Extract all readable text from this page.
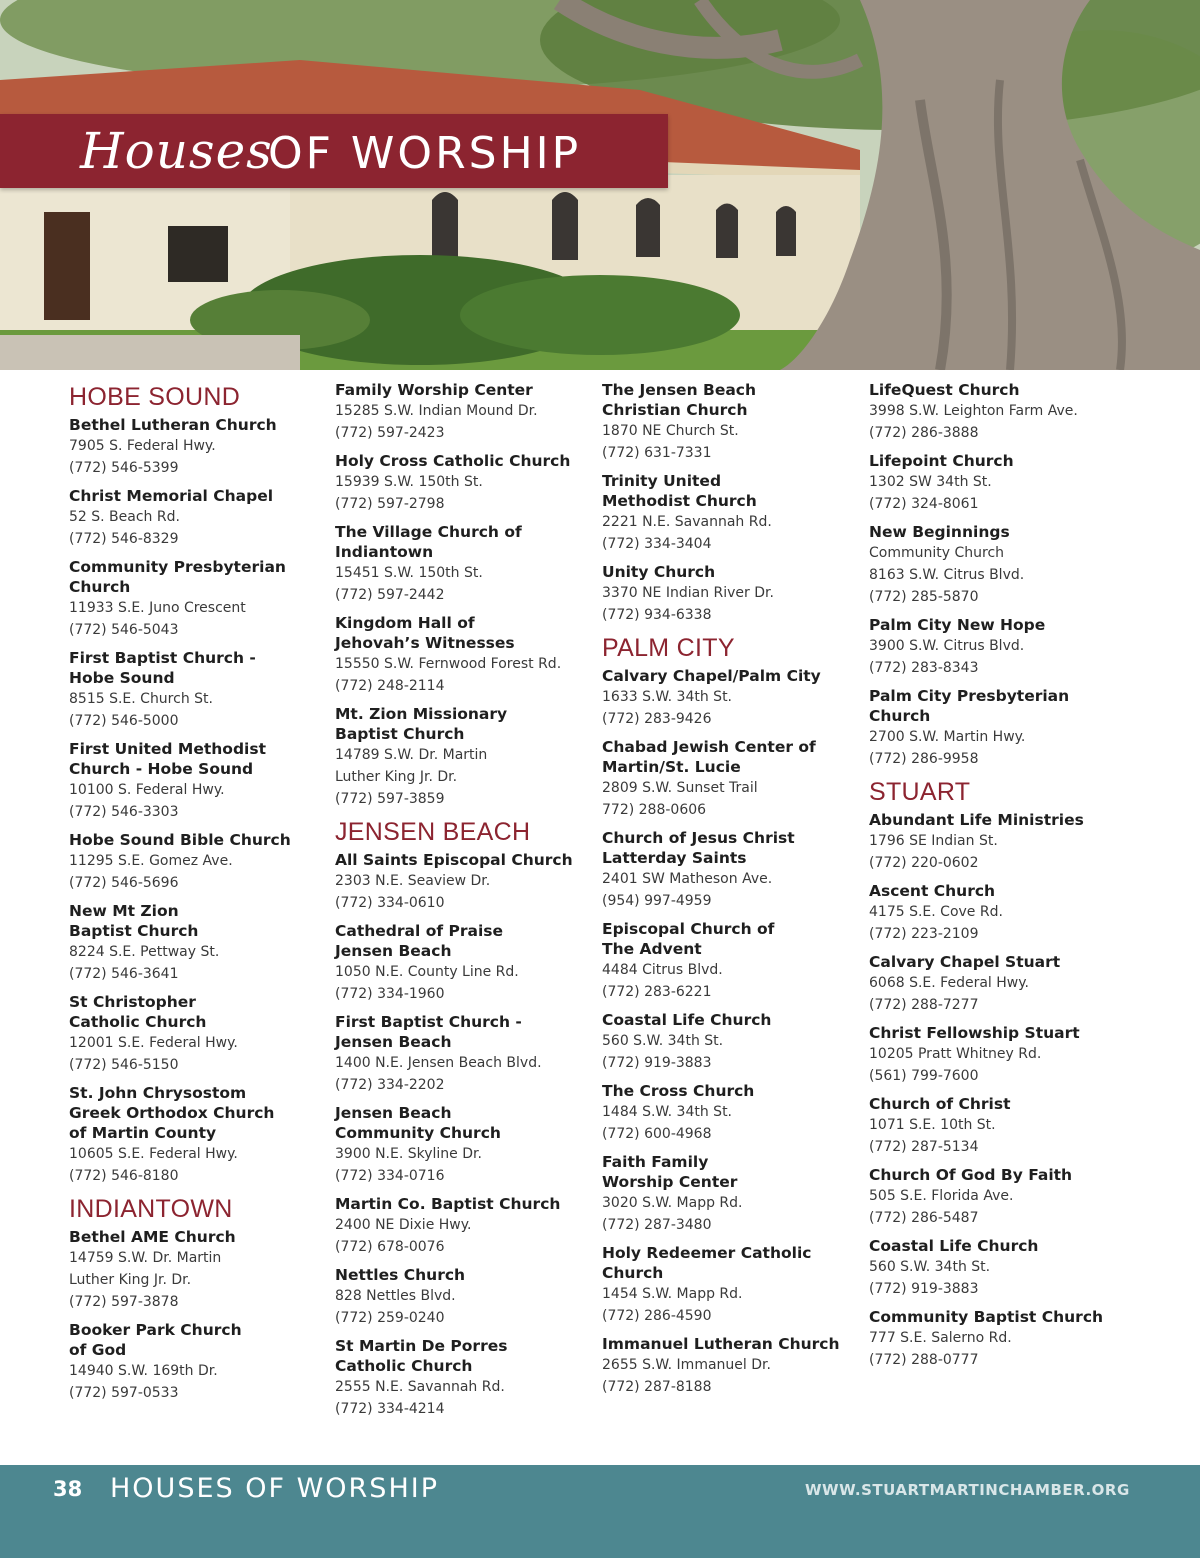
Houses
OF WORSHIP
HOBE SOUND
Bethel Lutheran Church
7905 S. Federal Hwy.
(772) 546-5399
Christ Memorial Chapel
52 S. Beach Rd.
(772) 546-8329
Community Presbyterian
Church
11933 S.E. Juno Crescent
(772) 546-5043
First Baptist Church -
Hobe Sound
8515 S.E. Church St.
(772) 546-5000
First United Methodist
Church - Hobe Sound
10100 S. Federal Hwy.
(772) 546-3303
Hobe Sound Bible Church
11295 S.E. Gomez Ave.
(772) 546-5696
New Mt Zion
Baptist Church
8224 S.E. Pettway St.
(772) 546-3641
St Christopher
Catholic Church
12001 S.E. Federal Hwy.
(772) 546-5150
St. John Chrysostom
Greek Orthodox Church
of Martin County
10605 S.E. Federal Hwy.
(772) 546-8180
INDIANTOWN
Bethel AME Church
14759 S.W. Dr. Martin
Luther King Jr. Dr.
(772) 597-3878
Booker Park Church
of God
14940 S.W. 169th Dr.
(772) 597-0533
Family Worship Center
15285 S.W. Indian Mound Dr.
(772) 597-2423
Holy Cross Catholic Church
15939 S.W. 150th St.
(772) 597-2798
The Village Church of
Indiantown
15451 S.W. 150th St.
(772) 597-2442
Kingdom Hall of
Jehovah’s Witnesses
15550 S.W. Fernwood Forest Rd.
(772) 248-2114
Mt. Zion Missionary
Baptist Church
14789 S.W. Dr. Martin
Luther King Jr. Dr.
(772) 597-3859
JENSEN BEACH
All Saints Episcopal Church
2303 N.E. Seaview Dr.
(772) 334-0610
Cathedral of Praise
Jensen Beach
1050 N.E. County Line Rd.
(772) 334-1960
First Baptist Church -
Jensen Beach
1400 N.E. Jensen Beach Blvd.
(772) 334-2202
Jensen Beach
Community Church
3900 N.E. Skyline Dr.
(772) 334-0716
Martin Co. Baptist Church
2400 NE Dixie Hwy.
(772) 678-0076
Nettles Church
828 Nettles Blvd.
(772) 259-0240
St Martin De Porres
Catholic Church
2555 N.E. Savannah Rd.
(772) 334-4214
The Jensen Beach
Christian Church
1870 NE Church St.
(772) 631-7331
Trinity United
Methodist Church
2221 N.E. Savannah Rd.
(772) 334-3404
Unity Church
3370 NE Indian River Dr.
(772) 934-6338
PALM CITY
Calvary Chapel/Palm City
1633 S.W. 34th St.
(772) 283-9426
Chabad Jewish Center of
Martin/St. Lucie
2809 S.W. Sunset Trail
772) 288-0606
Church of Jesus Christ
Latterday Saints
2401 SW Matheson Ave.
(954) 997-4959
Episcopal Church of
The Advent
4484 Citrus Blvd.
(772) 283-6221
Coastal Life Church
560 S.W. 34th St.
(772) 919-3883
The Cross Church
1484 S.W. 34th St.
(772) 600-4968
Faith Family
Worship Center
3020 S.W. Mapp Rd.
(772) 287-3480
Holy Redeemer Catholic
Church
1454 S.W. Mapp Rd.
(772) 286-4590
Immanuel Lutheran Church
2655 S.W. Immanuel Dr.
(772) 287-8188
LifeQuest Church
3998 S.W. Leighton Farm Ave.
(772) 286-3888
Lifepoint Church
1302 SW 34th St.
(772) 324-8061
New Beginnings
Community Church
8163 S.W. Citrus Blvd.
(772) 285-5870
Palm City New Hope
3900 S.W. Citrus Blvd.
(772) 283-8343
Palm City Presbyterian
Church
2700 S.W. Martin Hwy.
(772) 286-9958
STUART
Abundant Life Ministries
1796 SE Indian St.
(772) 220-0602
Ascent Church
4175 S.E. Cove Rd.
(772) 223-2109
Calvary Chapel Stuart
6068 S.E. Federal Hwy.
(772) 288-7277
Christ Fellowship Stuart
10205 Pratt Whitney Rd.
(561) 799-7600
Church of Christ
1071 S.E. 10th St.
(772) 287-5134
Church Of God By Faith
505 S.E. Florida Ave.
(772) 286-5487
Coastal Life Church
560 S.W. 34th St.
(772) 919-3883
Community Baptist Church
777 S.E. Salerno Rd.
(772) 288-0777
38 HOUSES OF WORSHIP	WWW.STUARTMARTINCHAMBER.ORG
